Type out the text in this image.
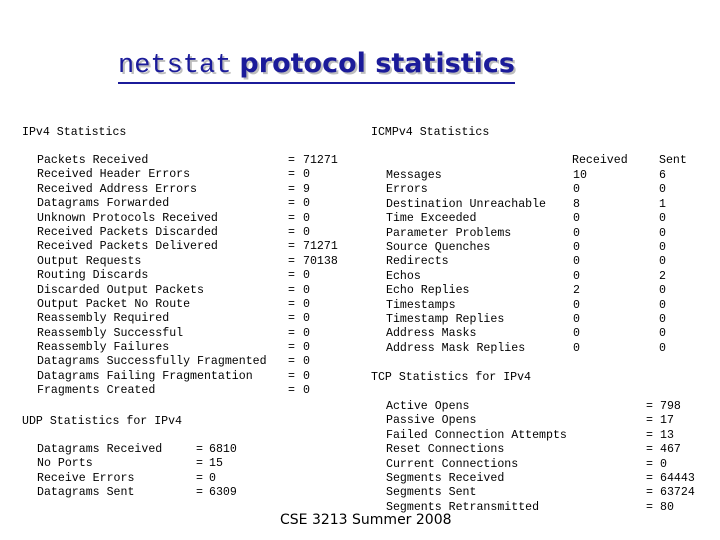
netstat protocol statistics
IPv4 Statistics
Packets Received
Received Header Errors
Received Address Errors
Datagrams Forwarded
Unknown Protocols Received
Received Packets Discarded
Received Packets Delivered
Output Requests
Routing Discards
Discarded Output Packets
Output Packet No Route
Reassembly Required
Reassembly Successful
Reassembly Failures
Datagrams Successfully Fragmented
Datagrams Failing Fragmentation
Fragments Created
=
=
=
=
=
=
=
=
=
=
=
=
=
=
=
=
=
71271
0
9
0
0
0
71271
70138
0
0
0
0
0
0
0
0
0
UDP Statistics for IPv4
Datagrams Received
No Ports
Receive Errors
Datagrams Sent
=
=
=
=
6810
15
0
6309
ICMPv4 Statistics
Received	Sent
Messages
Errors
Destination Unreachable
Time Exceeded
Parameter Problems
Source Quenches
Redirects
Echos
Echo Replies
Timestamps
Timestamp Replies
Address Masks
Address Mask Replies
10
0
8
0
0
0
0
0
2
0
0
0
0
6
0
1
0
0
0
0
2
0
0
0
0
0
TCP Statistics for IPv4
Active Opens
Passive Opens
Failed Connection Attempts
Reset Connections
Current Connections
Segments Received
Segments Sent
Segments Retransmitted
=
=
=
=
=
=
=
=
798
17
13
467
0
64443
63724
80
CSE 3213 Summer 2008
